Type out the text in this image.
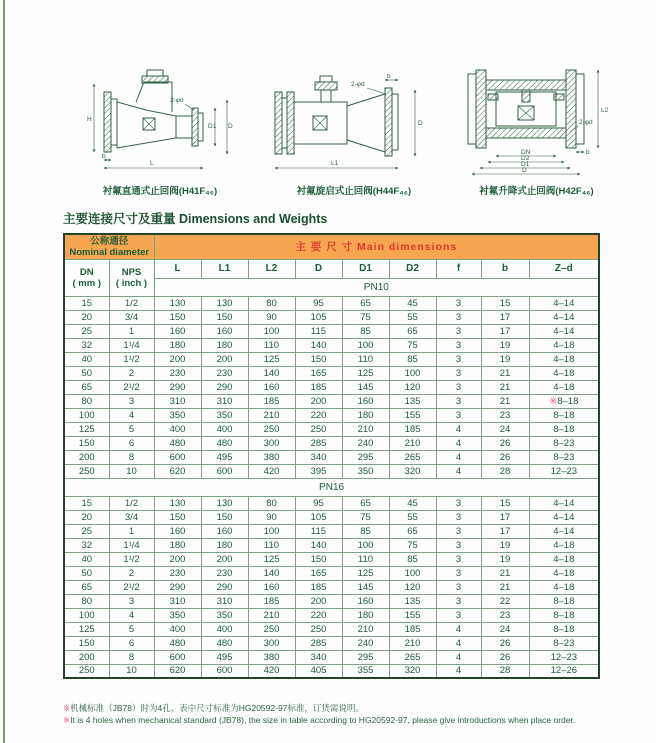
H
L
b
D1 D
2-φd
衬氟直通式止回阀(H41F₄₆)
b
2-φd
L1
D
衬氟旋启式止回阀(H44F₄₆)
L2
2-φd
b
DN
D2
D1
D
衬氟升降式止回阀(H42F₄₆)
主要连接尺寸及重量 Dimensions and Weights
公称通径
Nominal diameter		主 要 尺 寸 Main dimensions								

DN
( mm )

NPS
( inch )
	L	L1	L2	D	D1	D2	f	b	Z–d
		PN10								
15	1/2	130	130	80	95	65	45	3	15	4–14
20	3/4	150	150	90	105	75	55	3	17	4–14
25	1	160	160	100	115	85	65	3	17	4–14
32	1¹/4	180	180	110	140	100	75	3	19	4–18
40	1¹/2	200	200	125	150	110	85	3	19	4–18
50	2	230	230	140	165	125	100	3	21	4–18
65	2¹/2	290	290	160	185	145	120	3	21	4–18
80	3	310	310	185	200	160	135	3	21	※8–18
100	4	350	350	210	220	180	155	3	23	8–18
125	5	400	400	250	250	210	185	4	24	8–18
150	6	480	480	300	285	240	210	4	26	8–23
200	8	600	495	380	340	295	265	4	26	8–23
250	10	620	600	420	395	350	320	4	28	12–23
PN16										
15	1/2	130	130	80	95	65	45	3	15	4–14
20	3/4	150	150	90	105	75	55	3	17	4–14
25	1	160	160	100	115	85	65	3	17	4–14
32	1¹/4	180	180	110	140	100	75	3	19	4–18
40	1¹/2	200	200	125	150	110	85	3	19	4–18
50	2	230	230	140	165	125	100	3	21	4–18
65	2¹/2	290	290	160	185	145	120	3	21	4–18
80	3	310	310	185	200	160	135	3	22	8–18
100	4	350	350	210	220	180	155	3	23	8–18
125	5	400	400	250	250	210	185	4	24	8–18
150	6	480	480	300	285	240	210	4	26	8–23
200	8	600	495	380	340	295	265	4	26	12–23
250	10	620	600	420	405	355	320	4	28	12–26
※机械标准（JB78）时为4孔，表中尺寸标准为HG20592-97标准，订货需说明。
※It is 4 holes when mechanical standard (JB78), the size in table according to HG20592-97, please give introductions when place order.
